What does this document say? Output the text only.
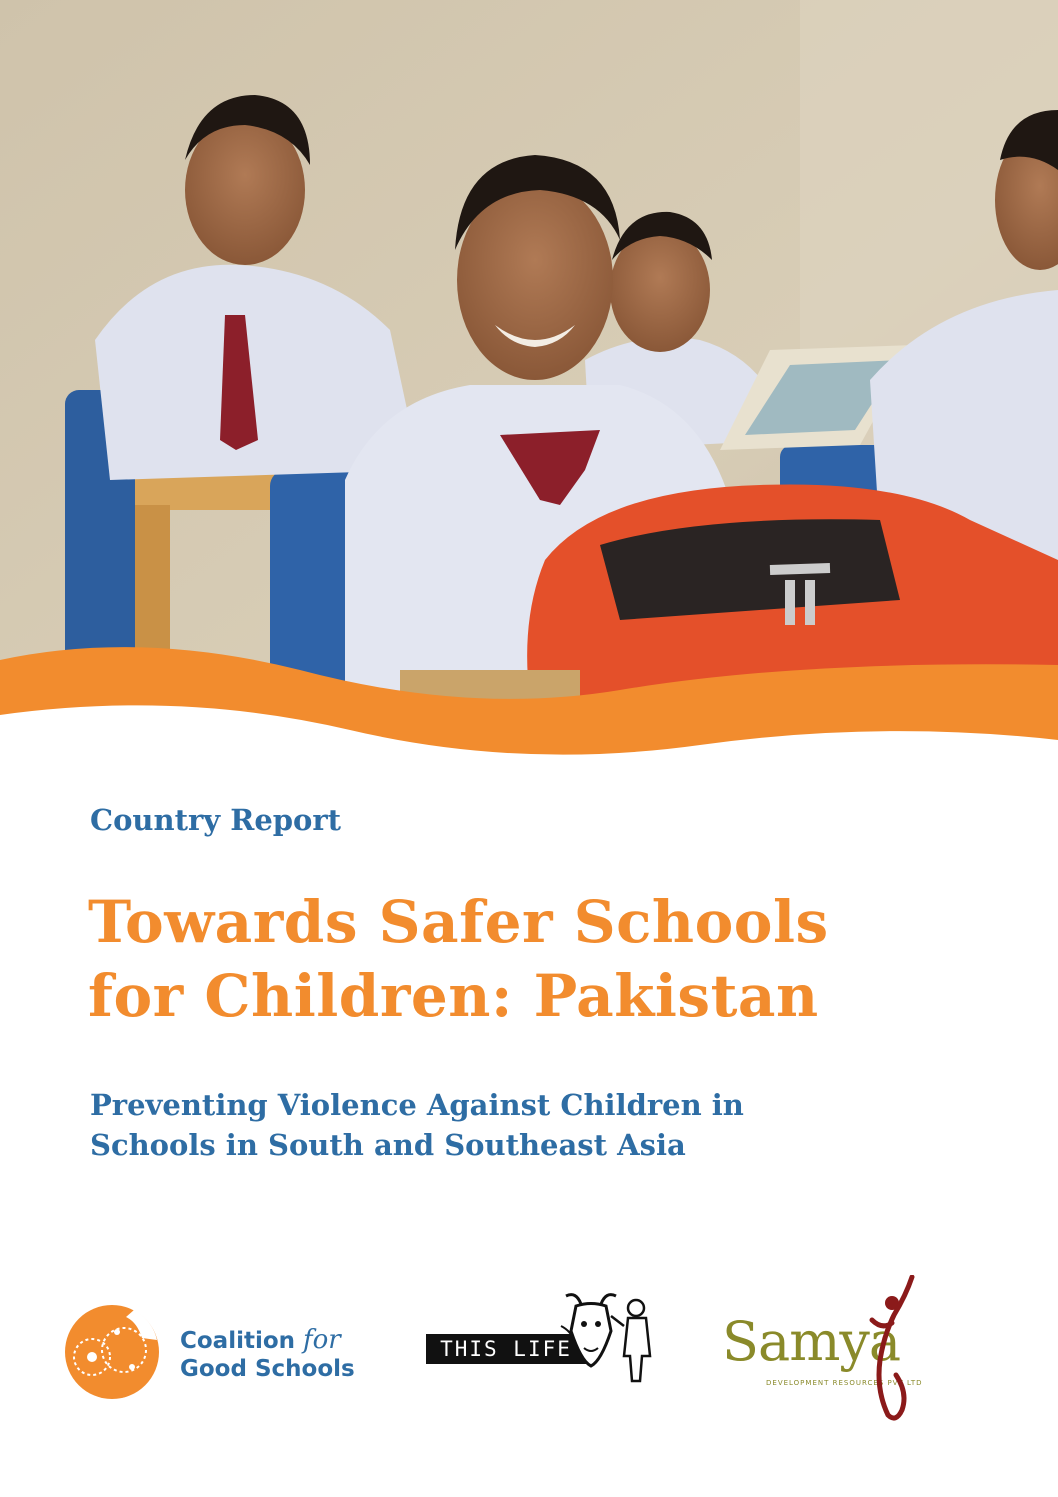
Country Report
Towards Safer Schools
for Children: Pakistan
Preventing Violence Against Children in
Schools in South and Southeast Asia
Coalition for
Good Schools
THIS LIFE	Samya
DEVELOPMENT RESOURCES PVT LTD
